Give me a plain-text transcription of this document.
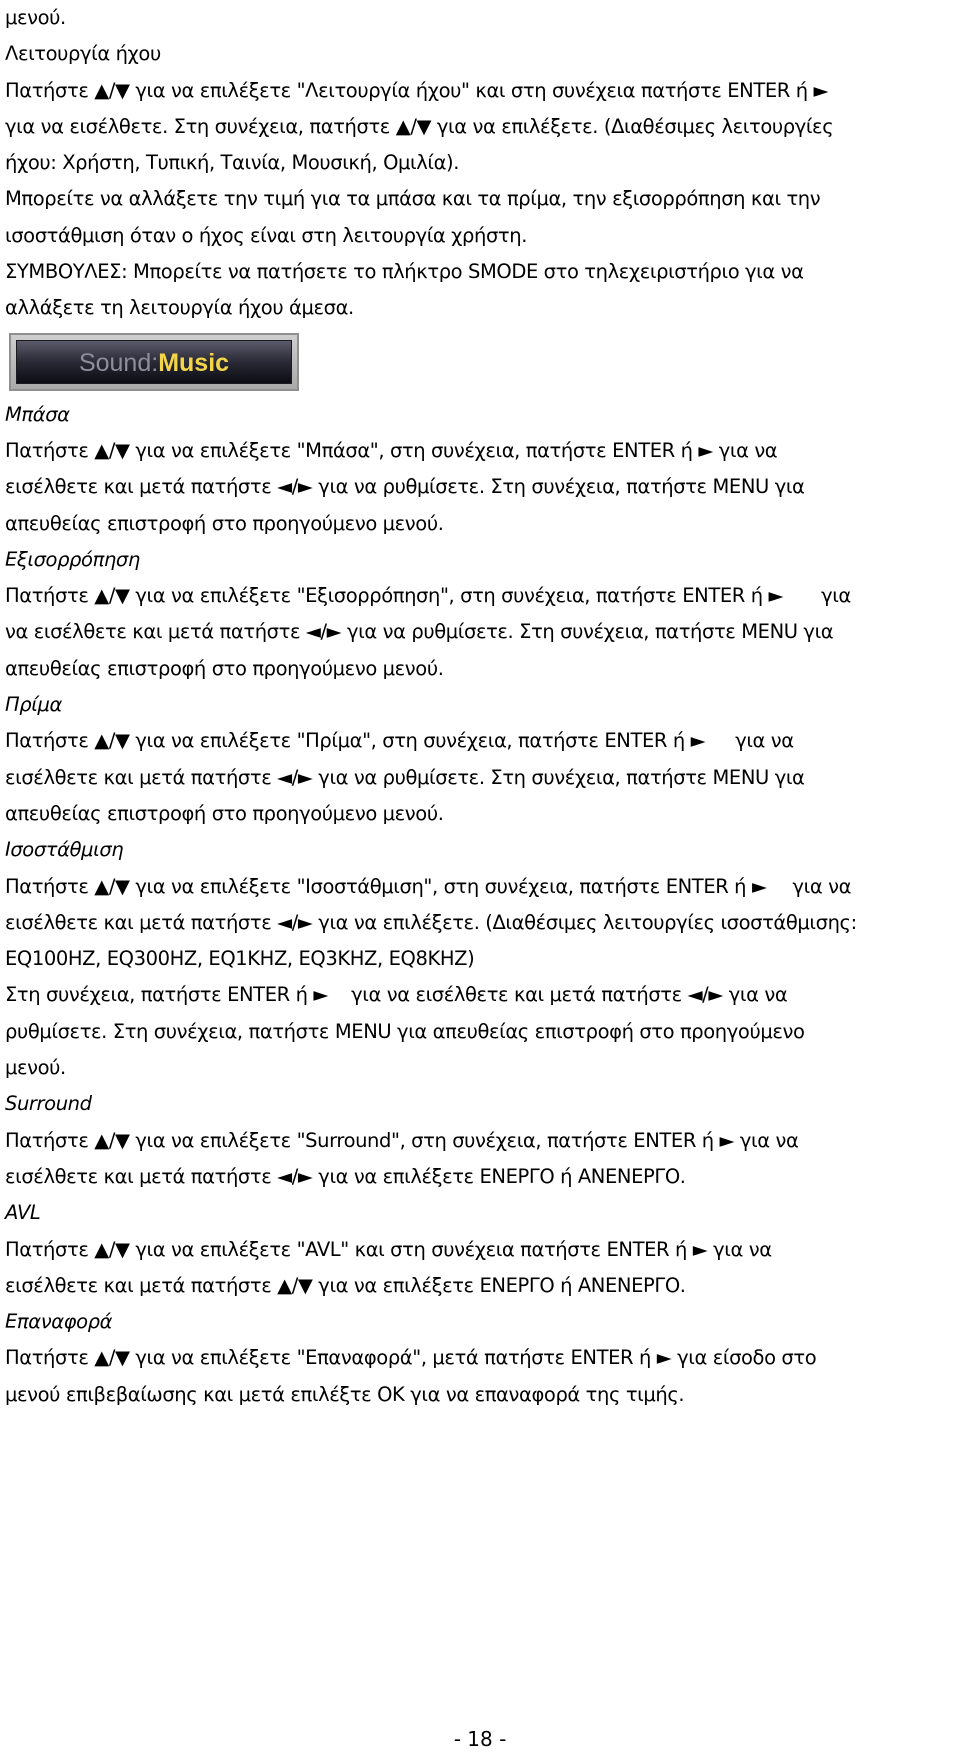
μενού.
Λειτουργία ήχου
Πατήστε ▲/▼ για να επιλέξετε "Λειτουργία ήχου" και στη συνέχεια πατήστε ENTER ή ►
για να εισέλθετε. Στη συνέχεια, πατήστε ▲/▼ για να επιλέξετε. (Διαθέσιμες λειτουργίες
ήχου: Χρήστη, Τυπική, Ταινία, Μουσική, Ομιλία).
Μπορείτε να αλλάξετε την τιμή για τα μπάσα και τα πρίμα, την εξισορρόπηση και την
ισοστάθμιση όταν ο ήχος είναι στη λειτουργία χρήστη.
ΣΥΜΒΟΥΛΕΣ: Μπορείτε να πατήσετε το πλήκτρο SMODE στο τηλεχειριστήριο για να
αλλάξετε τη λειτουργία ήχου άμεσα.
Sound:Music
Μπάσα
Πατήστε ▲/▼ για να επιλέξετε "Μπάσα", στη συνέχεια, πατήστε ENTER ή ► για να
εισέλθετε και μετά πατήστε ◄/► για να ρυθμίσετε. Στη συνέχεια, πατήστε MENU για
απευθείας επιστροφή στο προηγούμενο μενού.
Εξισορρόπηση
Πατήστε ▲/▼ για να επιλέξετε "Εξισορρόπηση", στη συνέχεια, πατήστε ENTER ή ► για
να εισέλθετε και μετά πατήστε ◄/► για να ρυθμίσετε. Στη συνέχεια, πατήστε MENU για
απευθείας επιστροφή στο προηγούμενο μενού.
Πρίμα
Πατήστε ▲/▼ για να επιλέξετε "Πρίμα", στη συνέχεια, πατήστε ENTER ή ► για να
εισέλθετε και μετά πατήστε ◄/► για να ρυθμίσετε. Στη συνέχεια, πατήστε MENU για
απευθείας επιστροφή στο προηγούμενο μενού.
Ισοστάθμιση
Πατήστε ▲/▼ για να επιλέξετε "Ισοστάθμιση", στη συνέχεια, πατήστε ENTER ή ► για να
εισέλθετε και μετά πατήστε ◄/► για να επιλέξετε. (Διαθέσιμες λειτουργίες ισοστάθμισης:
EQ100HZ, EQ300HZ, EQ1KHZ, EQ3KHZ, EQ8KHZ)
Στη συνέχεια, πατήστε ENTER ή ►    για να εισέλθετε και μετά πατήστε ◄/► για να
ρυθμίσετε. Στη συνέχεια, πατήστε MENU για απευθείας επιστροφή στο προηγούμενο
μενού.
Surround
Πατήστε ▲/▼ για να επιλέξετε "Surround", στη συνέχεια, πατήστε ENTER ή ► για να
εισέλθετε και μετά πατήστε ◄/► για να επιλέξετε ΕΝΕΡΓΟ ή ΑΝΕΝΕΡΓΟ.
AVL
Πατήστε ▲/▼ για να επιλέξετε "AVL" και στη συνέχεια πατήστε ENTER ή ► για να
εισέλθετε και μετά πατήστε ▲/▼ για να επιλέξετε ΕΝΕΡΓΟ ή ΑΝΕΝΕΡΓΟ.
Επαναφορά
Πατήστε ▲/▼ για να επιλέξετε "Επαναφορά", μετά πατήστε ENTER ή ► για είσοδο στο
μενού επιβεβαίωσης και μετά επιλέξτε ΟΚ για να επαναφορά της τιμής.
- 18 -
